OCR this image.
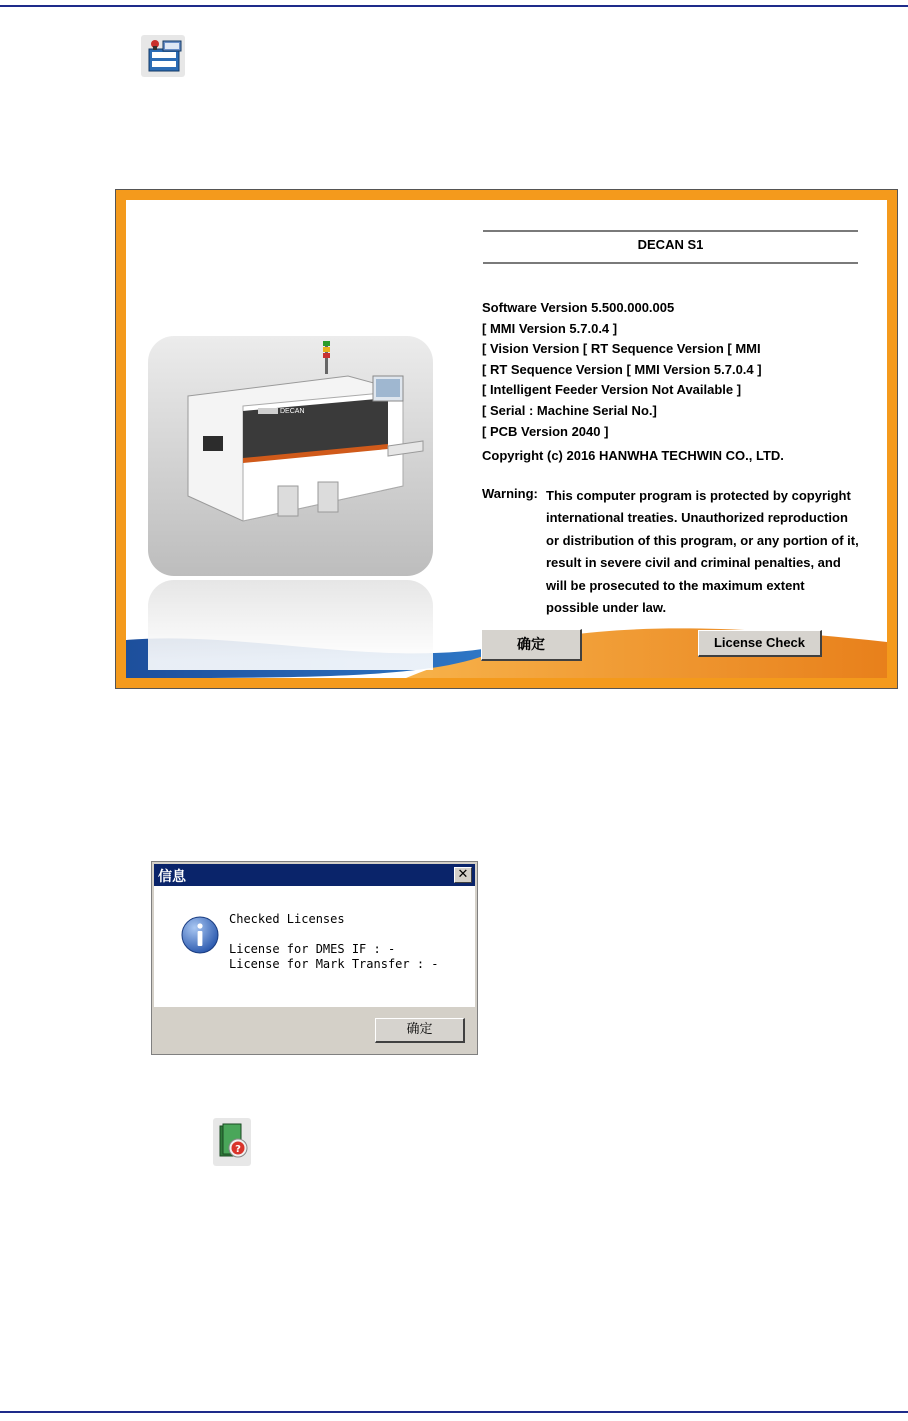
DECAN
DECAN S1
Software Version 5.500.000.005
[ MMI Version 5.7.0.4 ]
[ Vision Version [ RT Sequence Version [ MMI
[ RT Sequence Version [ MMI Version 5.7.0.4 ]
[ Intelligent Feeder Version Not Available ]
[ Serial : Machine Serial No.]
[ PCB Version 2040 ]
Copyright (c) 2016 HANWHA TECHWIN CO., LTD.
Warning: This computer program is protected by copyright
international treaties. Unauthorized reproduction
or distribution of this program, or any portion of it,
result in severe civil and criminal penalties, and
will be prosecuted to the maximum extent
possible under law.
确定	License Check
信息	✕
Checked Licenses

License for DMES IF : -
License for Mark Transfer : -
确定
?
